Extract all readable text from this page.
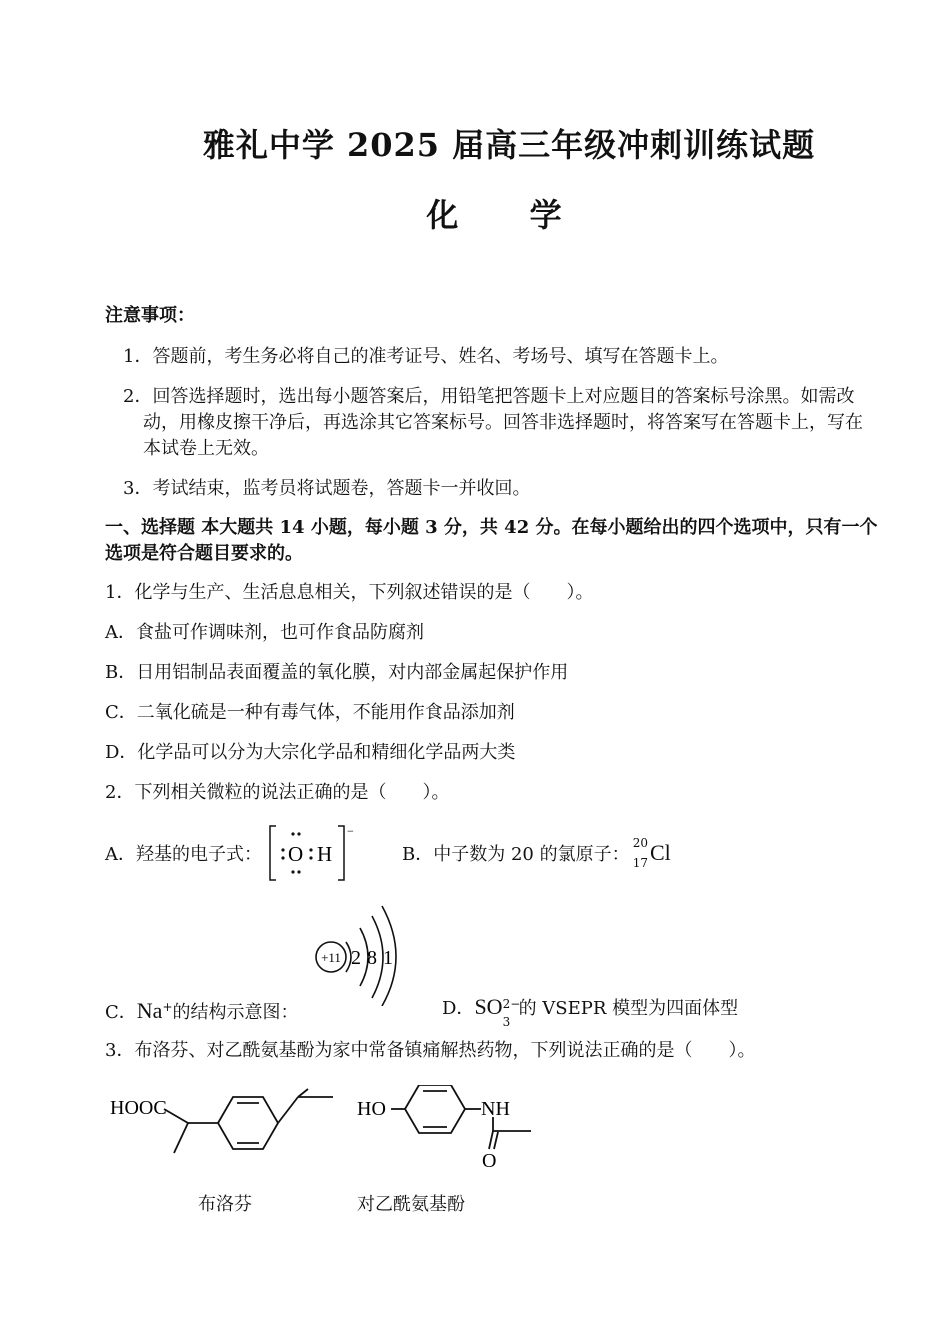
雅礼中学 2025 届高三年级冲刺训练试题
化 学
注意事项：
1．答题前，考生务必将自己的准考证号、姓名、考场号、填写在答题卡上。
2．回答选择题时，选出每小题答案后，用铅笔把答题卡上对应题目的答案标号涂黑。如需改
动，用橡皮擦干净后，再选涂其它答案标号。回答非选择题时，将答案写在答题卡上，写在
本试卷上无效。
3．考试结束，监考员将试题卷，答题卡一并收回。
一、选择题 本大题共 14 小题，每小题 3 分，共 42 分。在每小题给出的四个选项中，只有一个
选项是符合题目要求的。
1．化学与生产、生活息息相关，下列叙述错误的是（　　）。
A．食盐可作调味剂，也可作食品防腐剂
B．日用铝制品表面覆盖的氧化膜，对内部金属起保护作用
C．二氧化硫是一种有毒气体，不能用作食品添加剂
D．化学品可以分为大宗化学品和精细化学品两大类
2．下列相关微粒的说法正确的是（　　）。
A．羟基的电子式：
−
O H	B．中子数为 20 的氯原子：
20
17 Cl
+11 2 8 1
C．Na+的结构示意图：	D．SO 2−
3
的 VSEPR 模型为四面体型
3．布洛芬、对乙酰氨基酚为家中常备镇痛解热药物，下列说法正确的是（　　）。
HOOC
布洛芬
HO	NH
O
对乙酰氨基酚
